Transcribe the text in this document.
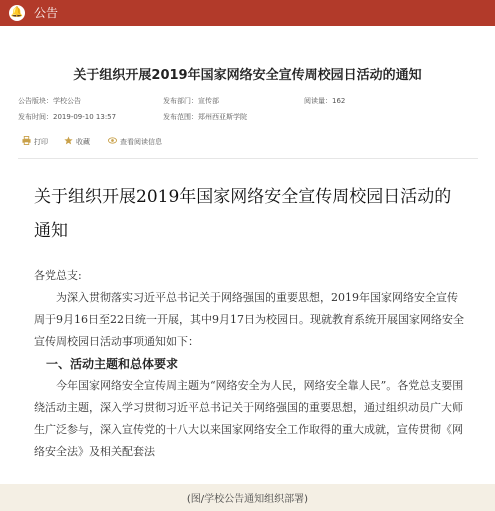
🔔 公告
关于组织开展2019年国家网络安全宣传周校园日活动的通知
公告版块：学校公告	发布部门：宣传部	阅读量：162
发布时间：2019-09-10 13:57	发布范围：郑州西亚斯学院
打印	收藏	查看阅读信息
关于组织开展2019年国家网络安全宣传周校园日活动的通知

各党总支:

为深入贯彻落实习近平总书记关于网络强国的重要思想，2019年国家网络安全宣传周于9月16日至22日统一开展，其中9月17日为校园日。现就教育系统开展国家网络安全宣传周校园日活动事项通知如下：

一、活动主题和总体要求

今年国家网络安全宣传周主题为“网络安全为人民，网络安全靠人民”。各党总支要围绕活动主题，深入学习贯彻习近平总书记关于网络强国的重要思想，通过组织动员广大师生广泛参与，深入宣传党的十八大以来国家网络安全工作取得的重大成就，宣传贯彻《网络安全法》及相关配套法

(图/学校公告通知组织部署)
